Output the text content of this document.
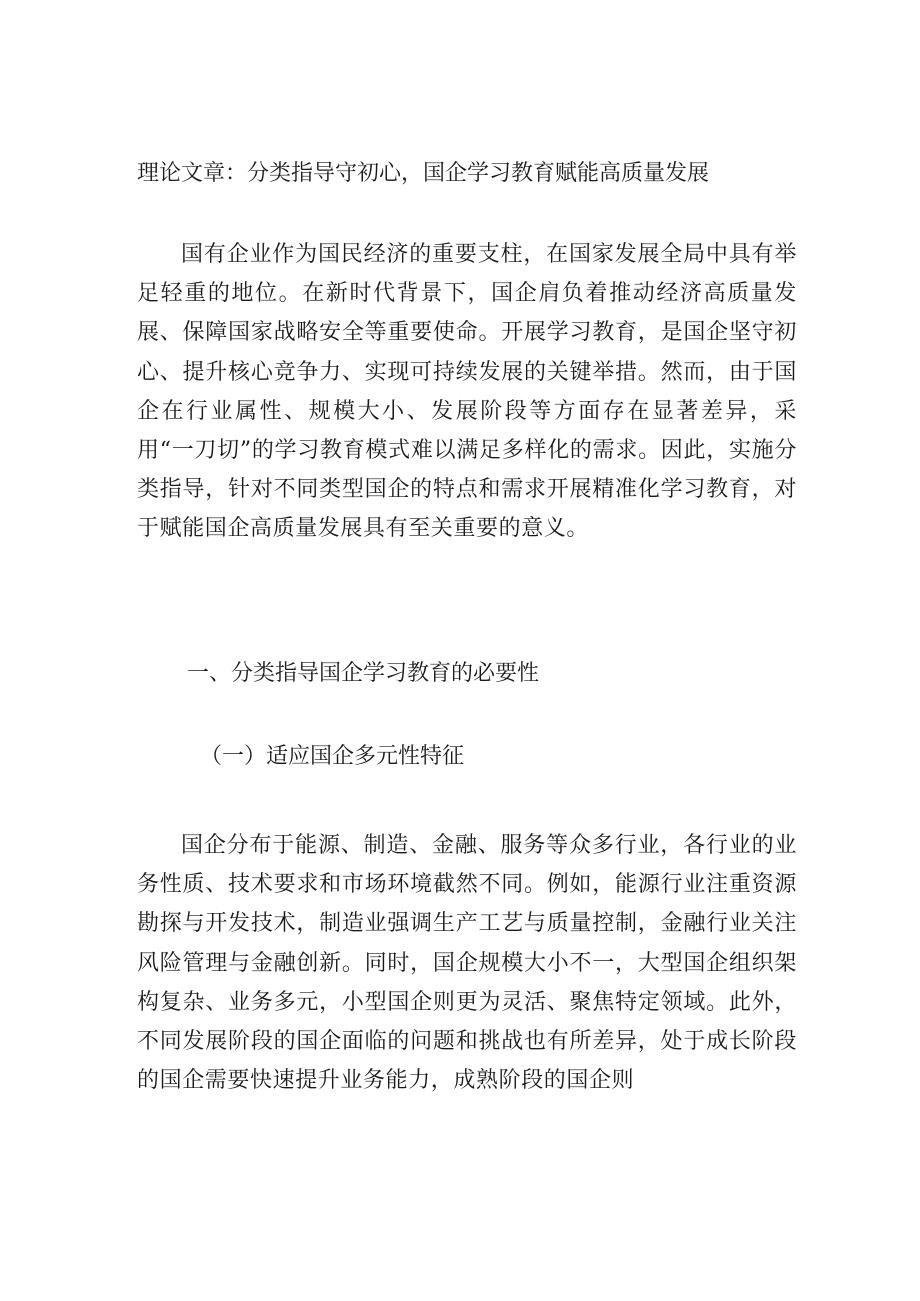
理论文章：分类指导守初心，国企学习教育赋能高质量发展

国有企业作为国民经济的重要支柱，在国家发展全局中具有举足轻重的地位。在新时代背景下，国企肩负着推动经济高质量发展、保障国家战略安全等重要使命。开展学习教育，是国企坚守初心、提升核心竞争力、实现可持续发展的关键举措。然而，由于国企在行业属性、规模大小、发展阶段等方面存在显著差异，采用“一刀切”的学习教育模式难以满足多样化的需求。因此，实施分类指导，针对不同类型国企的特点和需求开展精准化学习教育，对于赋能国企高质量发展具有至关重要的意义。

一、分类指导国企学习教育的必要性
（一）适应国企多元性特征

国企分布于能源、制造、金融、服务等众多行业，各行业的业务性质、技术要求和市场环境截然不同。例如，能源行业注重资源勘探与开发技术，制造业强调生产工艺与质量控制，金融行业关注风险管理与金融创新。同时，国企规模大小不一，大型国企组织架构复杂、业务多元，小型国企则更为灵活、聚焦特定领域。此外，不同发展阶段的国企面临的问题和挑战也有所差异，处于成长阶段的国企需要快速提升业务能力，成熟阶段的国企则
